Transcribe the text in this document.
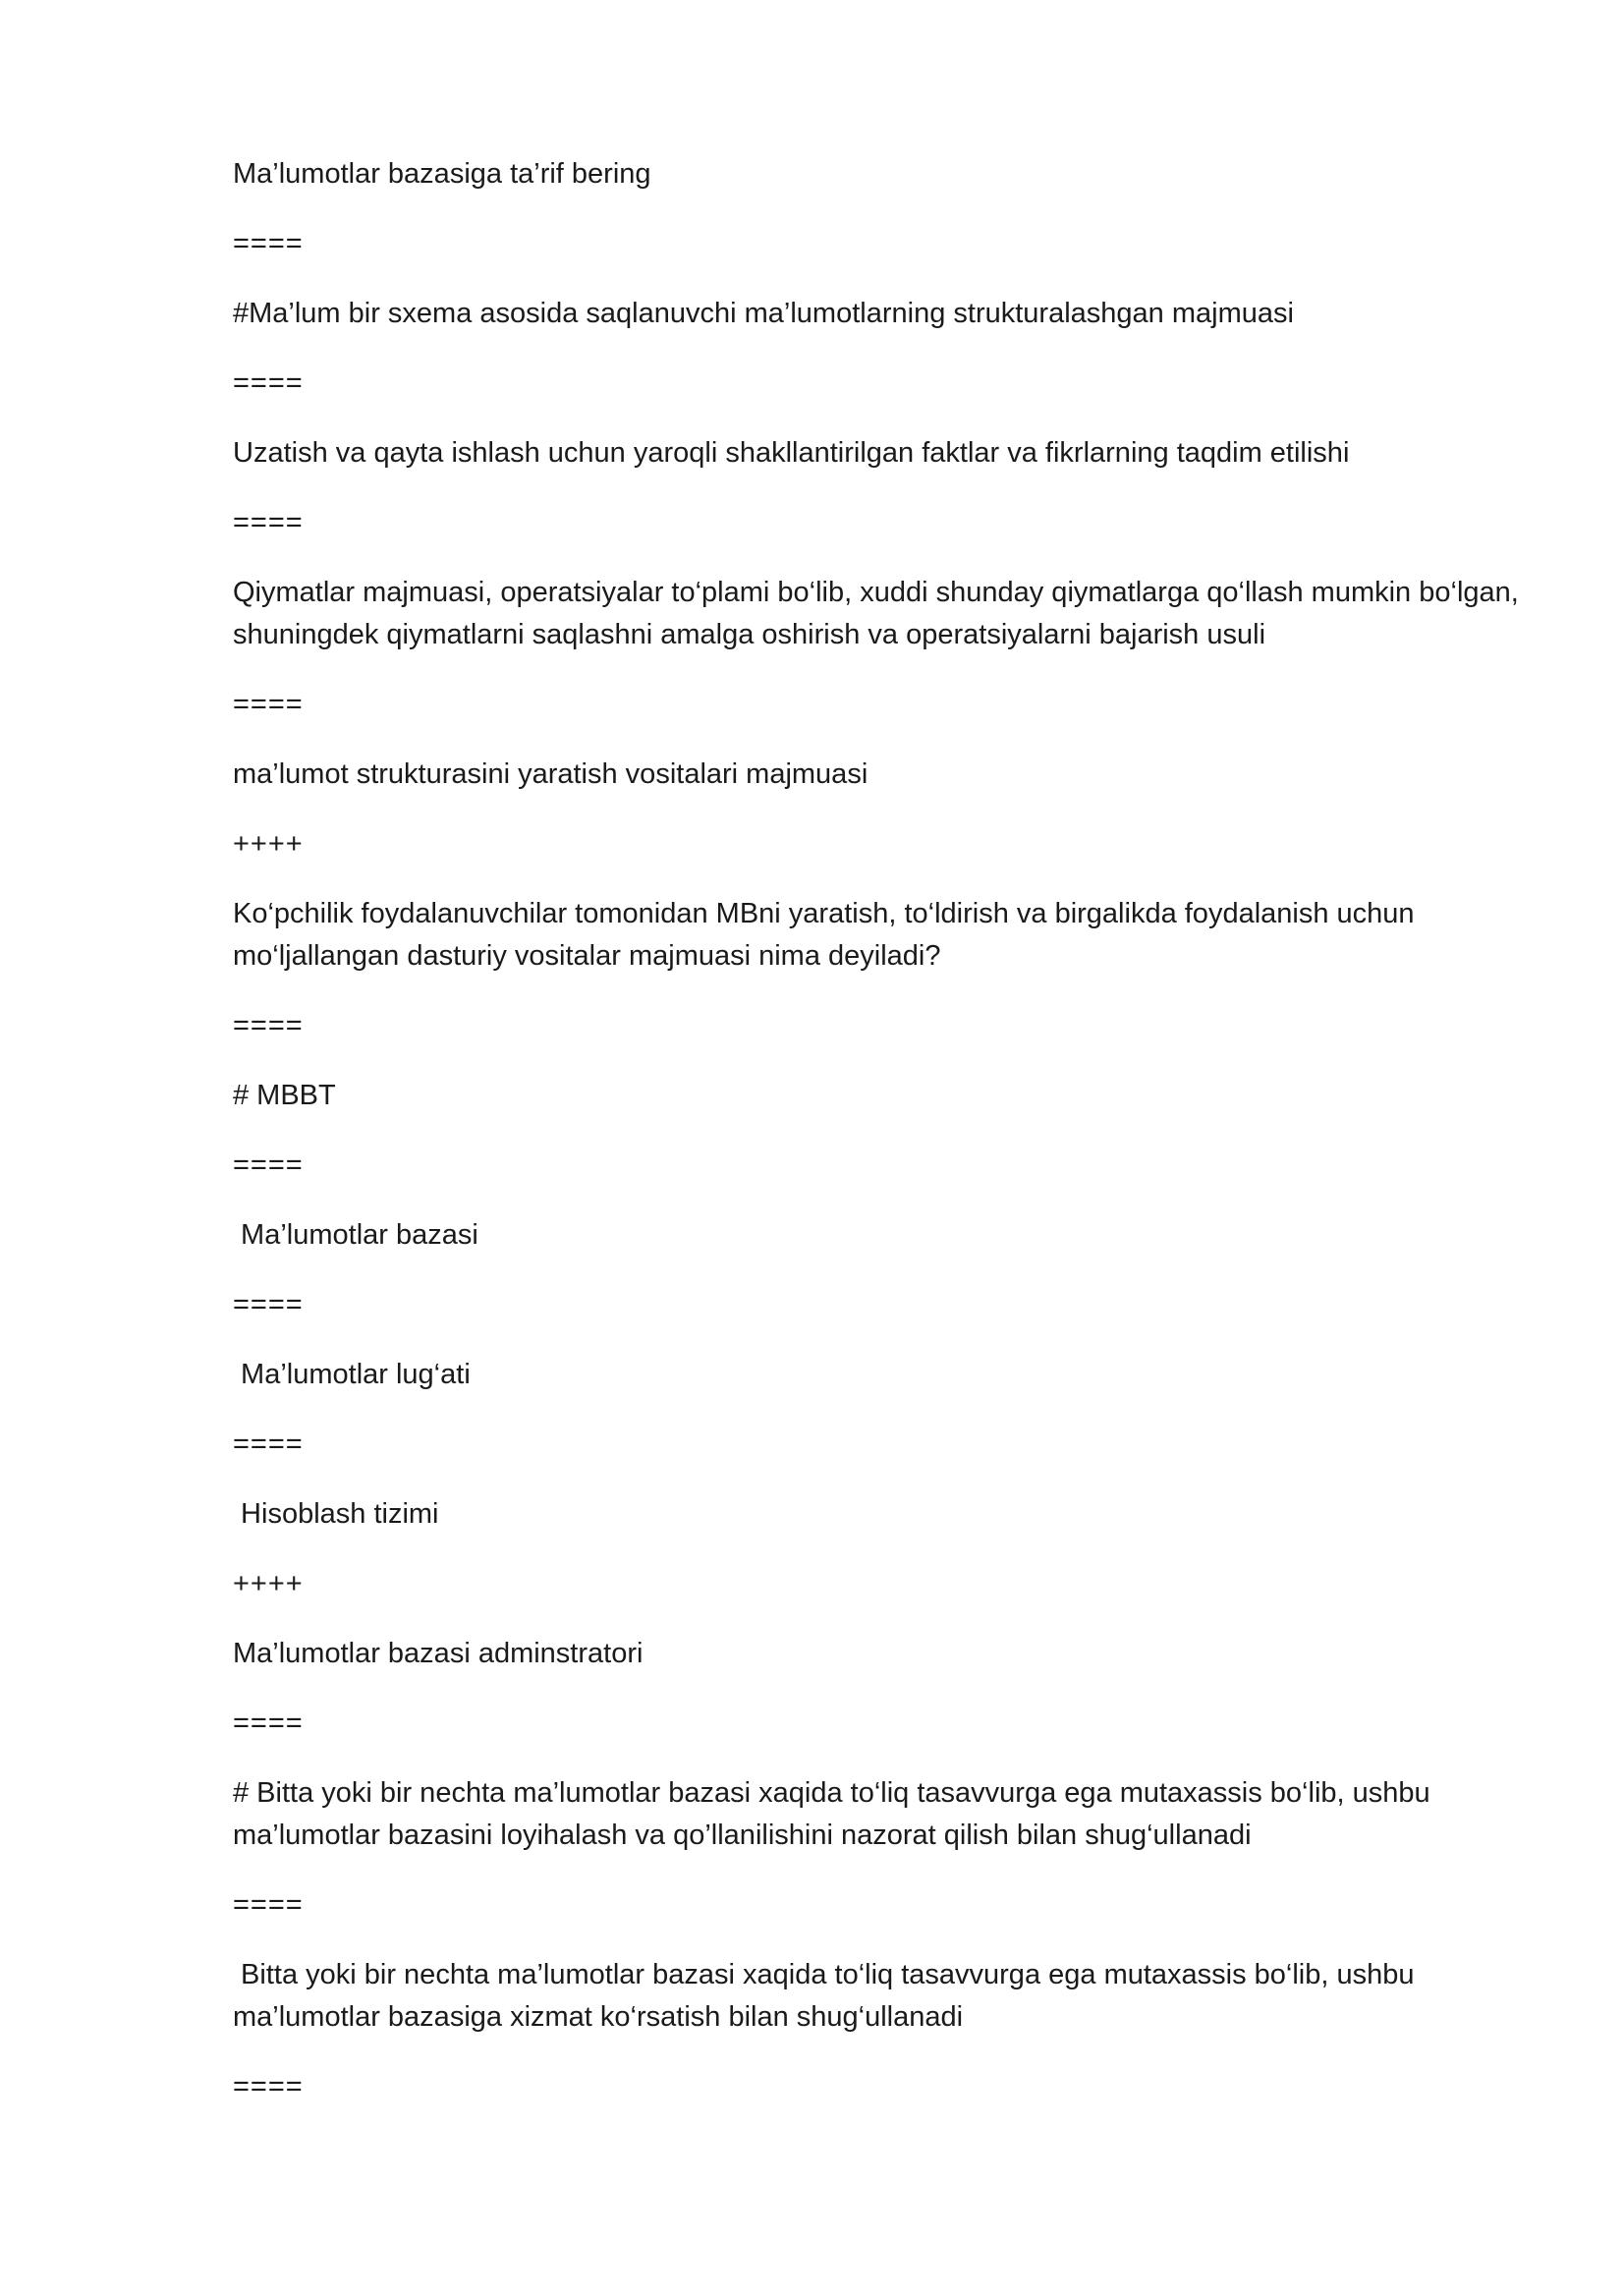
Ma’lumotlar bazasiga ta’rif bering

====

#Ma’lum bir sxema asosida saqlanuvchi ma’lumotlarning strukturalashgan majmuasi

====

Uzatish va qayta ishlash uchun yaroqli shakllantirilgan faktlar va fikrlarning taqdim etilishi

====

Qiymatlar majmuasi, operatsiyalar to‘plami bo‘lib, xuddi shunday qiymatlarga qo‘llash mumkin bo‘lgan,

shuningdek qiymatlarni saqlashni amalga oshirish va operatsiyalarni bajarish usuli

====

ma’lumot strukturasini yaratish vositalari majmuasi

++++

Ko‘pchilik foydalanuvchilar tomonidan MBni yaratish, to‘ldirish va birgalikda foydalanish uchun

mo‘ljallangan dasturiy vositalar majmuasi nima deyiladi?

====

# MBBT

====

Ma’lumotlar bazasi

====

Ma’lumotlar lug‘ati

====

Hisoblash tizimi

++++

Ma’lumotlar bazasi adminstratori

====

# Bitta yoki bir nechta ma’lumotlar bazasi xaqida to‘liq tasavvurga ega mutaxassis bo‘lib, ushbu

ma’lumotlar bazasini loyihalash va qo’llanilishini nazorat qilish bilan shug‘ullanadi

====

Bitta yoki bir nechta ma’lumotlar bazasi xaqida to‘liq tasavvurga ega mutaxassis bo‘lib, ushbu

ma’lumotlar bazasiga xizmat ko‘rsatish bilan shug‘ullanadi

====
